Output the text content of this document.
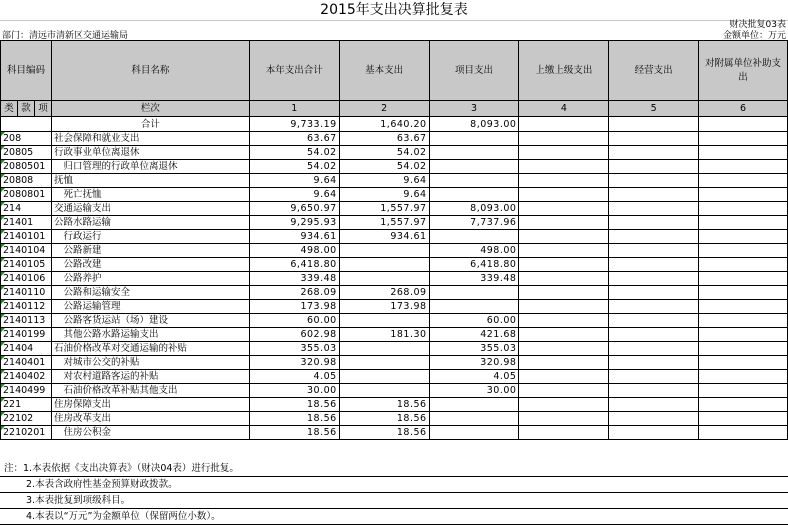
2015年支出决算批复表
财决批复03表
部门：清远市清新区交通运输局	金额单位：万元
科目编码			科目名称	本年支出合计	基本支出	项目支出	上缴上级支出	经营支出	对附属单位补助支出
类	款	项	栏次	1	2	3	4	5	6
			合计	9,733.19	1,640.20	8,093.00			
208			社会保障和就业支出	63.67	63.67				
20805			行政事业单位离退休	54.02	54.02				
2080501			　归口管理的行政单位离退休	54.02	54.02				
20808			抚恤	9.64	9.64				
2080801			　死亡抚恤	9.64	9.64				
214			交通运输支出	9,650.97	1,557.97	8,093.00			
21401			公路水路运输	9,295.93	1,557.97	7,737.96			
2140101			　行政运行	934.61	934.61				
2140104			　公路新建	498.00		498.00			
2140105			　公路改建	6,418.80		6,418.80			
2140106			　公路养护	339.48		339.48			
2140110			　公路和运输安全	268.09	268.09				
2140112			　公路运输管理	173.98	173.98				
2140113			　公路客货运站（场）建设	60.00		60.00			
2140199			　其他公路水路运输支出	602.98	181.30	421.68			
21404			石油价格改革对交通运输的补贴	355.03		355.03			
2140401			　对城市公交的补贴	320.98		320.98			
2140402			　对农村道路客运的补贴	4.05		4.05			
2140499			　石油价格改革补贴其他支出	30.00		30.00			
221			住房保障支出	18.56	18.56				
22102			住房改革支出	18.56	18.56				
2210201			　住房公积金	18.56	18.56				
注：1.本表依据《支出决算表》（财决04表）进行批复。
2.本表含政府性基金预算财政拨款。
3.本表批复到项级科目。
4.本表以“万元”为金额单位（保留两位小数）。
